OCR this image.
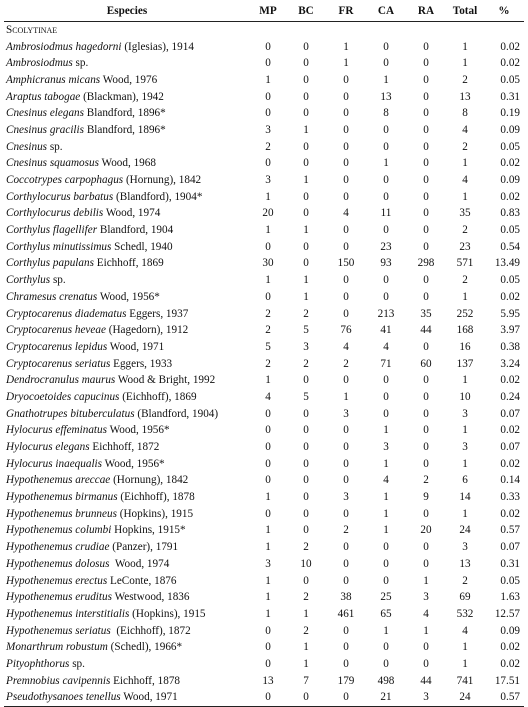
Especies	MP	BC	FR	CA	RA	Total	%
Scolytinae							
Ambrosiodmus hagedorni (Iglesias), 1914	0	0	1	0	0	1	0.02
Ambrosiodmus sp.	0	0	1	0	0	1	0.02
Amphicranus micans Wood, 1976	1	0	0	1	0	2	0.05
Araptus tabogae (Blackman), 1942	0	0	0	13	0	13	0.31
Cnesinus elegans Blandford, 1896*	0	0	0	8	0	8	0.19
Cnesinus gracilis Blandford, 1896*	3	1	0	0	0	4	0.09
Cnesinus sp.	2	0	0	0	0	2	0.05
Cnesinus squamosus Wood, 1968	0	0	0	1	0	1	0.02
Coccotrypes carpophagus (Hornung), 1842	3	1	0	0	0	4	0.09
Corthylocurus barbatus (Blandford), 1904*	1	0	0	0	0	1	0.02
Corthylocurus debilis Wood, 1974	20	0	4	11	0	35	0.83
Corthylus flagellifer Blandford, 1904	1	1	0	0	0	2	0.05
Corthylus minutissimus Schedl, 1940	0	0	0	23	0	23	0.54
Corthylus papulans Eichhoff, 1869	30	0	150	93	298	571	13.49
Corthylus sp.	1	1	0	0	0	2	0.05
Chramesus crenatus Wood, 1956*	0	1	0	0	0	1	0.02
Cryptocarenus diadematus Eggers, 1937	2	2	0	213	35	252	5.95
Cryptocarenus heveae (Hagedorn), 1912	2	5	76	41	44	168	3.97
Cryptocarenus lepidus Wood, 1971	5	3	4	4	0	16	0.38
Cryptocarenus seriatus Eggers, 1933	2	2	2	71	60	137	3.24
Dendrocranulus maurus Wood & Bright, 1992	1	0	0	0	0	1	0.02
Dryocoetoides capucinus (Eichhoff), 1869	4	5	1	0	0	10	0.24
Gnathotrupes bituberculatus (Blandford, 1904)	0	0	3	0	0	3	0.07
Hylocurus effeminatus Wood, 1956*	0	0	0	1	0	1	0.02
Hylocurus elegans Eichhoff, 1872	0	0	0	3	0	3	0.07
Hylocurus inaequalis Wood, 1956*	0	0	0	1	0	1	0.02
Hypothenemus areccae (Hornung), 1842	0	0	0	4	2	6	0.14
Hypothenemus birmanus (Eichhoff), 1878	1	0	3	1	9	14	0.33
Hypothenemus brunneus (Hopkins), 1915	0	0	0	1	0	1	0.02
Hypothenemus columbi Hopkins, 1915*	1	0	2	1	20	24	0.57
Hypothenemus crudiae (Panzer), 1791	1	2	0	0	0	3	0.07
Hypothenemus dolosus  Wood, 1974	3	10	0	0	0	13	0.31
Hypothenemus erectus LeConte, 1876	1	0	0	0	1	2	0.05
Hypothenemus eruditus Westwood, 1836	1	2	38	25	3	69	1.63
Hypothenemus interstitialis (Hopkins), 1915	1	1	461	65	4	532	12.57
Hypothenemus seriatus  (Eichhoff), 1872	0	2	0	1	1	4	0.09
Monarthrum robustum (Schedl), 1966*	0	1	0	0	0	1	0.02
Pityophthorus sp.	0	1	0	0	0	1	0.02
Premnobius cavipennis Eichhoff, 1878	13	7	179	498	44	741	17.51
Pseudothysanoes tenellus Wood, 1971	0	0	0	21	3	24	0.57
